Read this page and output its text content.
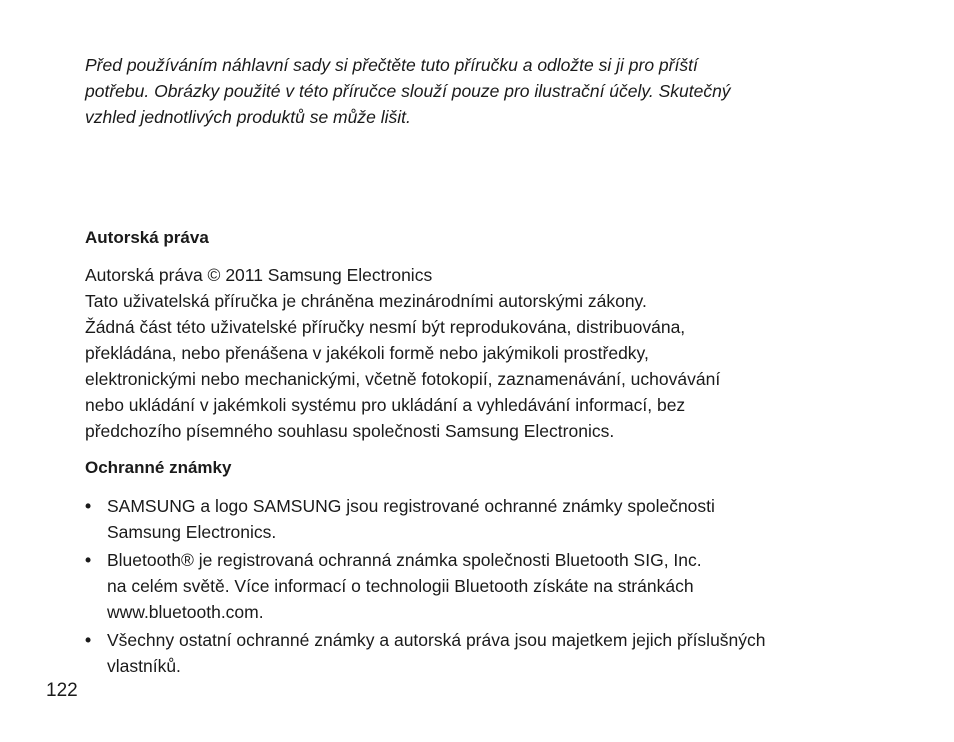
Před používáním náhlavní sady si přečtěte tuto příručku a odložte si ji pro příští
potřebu. Obrázky použité v této příručce slouží pouze pro ilustrační účely. Skutečný
vzhled jednotlivých produktů se může lišit.

Autorská práva

Autorská práva © 2011 Samsung Electronics
Tato uživatelská příručka je chráněna mezinárodními autorskými zákony.
Žádná část této uživatelské příručky nesmí být reprodukována, distribuována,
překládána, nebo přenášena v jakékoli formě nebo jakýmikoli prostředky,
elektronickými nebo mechanickými, včetně fotokopií, zaznamenávání, uchovávání
nebo ukládání v jakémkoli systému pro ukládání a vyhledávání informací, bez
předchozího písemného souhlasu společnosti Samsung Electronics.

Ochranné známky
• SAMSUNG a logo SAMSUNG jsou registrované ochranné známky společnosti
Samsung Electronics.
• Bluetooth® je registrovaná ochranná známka společnosti Bluetooth SIG, Inc.
na celém světě. Více informací o technologii Bluetooth získáte na stránkách
www.bluetooth.com.
• Všechny ostatní ochranné známky a autorská práva jsou majetkem jejich příslušných
vlastníků.

122
